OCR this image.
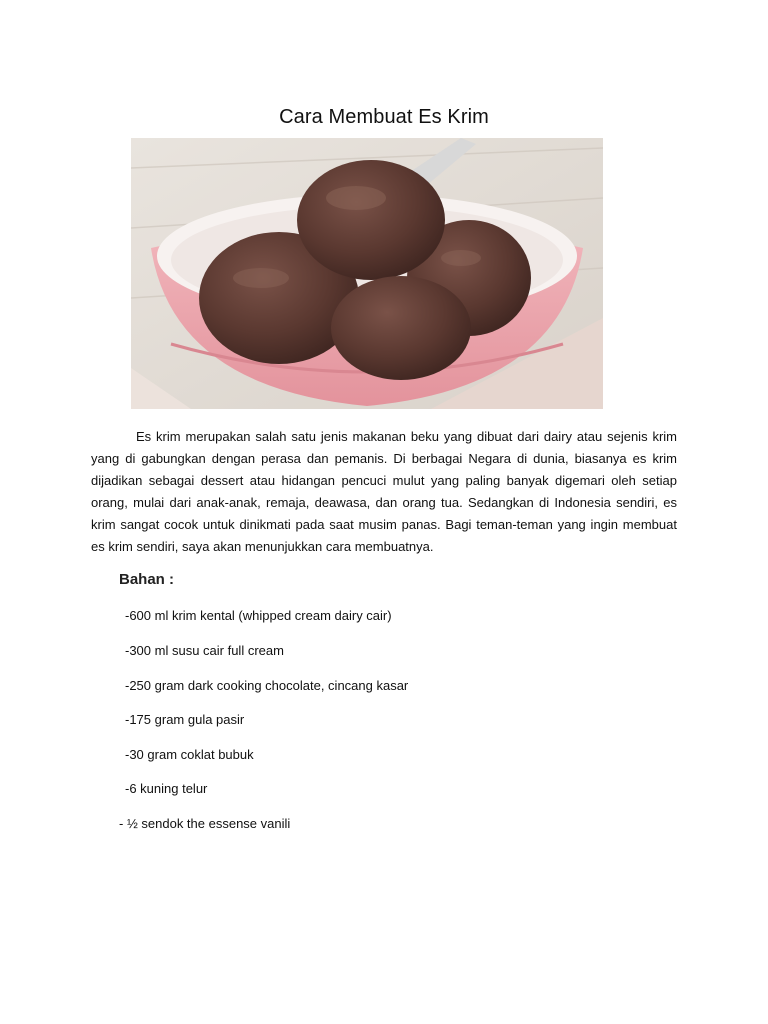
Cara Membuat Es Krim

Es krim merupakan salah satu jenis makanan beku yang dibuat dari dairy atau sejenis krim yang di gabungkan dengan perasa dan pemanis. Di berbagai Negara di dunia, biasanya es krim dijadikan sebagai dessert atau hidangan pencuci mulut yang paling banyak digemari oleh setiap orang, mulai dari anak-anak, remaja, deawasa, dan orang tua. Sedangkan di Indonesia sendiri, es krim sangat cocok untuk dinikmati pada saat musim panas. Bagi teman-teman yang ingin membuat es krim sendiri, saya akan menunjukkan cara membuatnya.

Bahan :
-600 ml krim kental (whipped cream dairy cair)
-300 ml susu cair full cream
-250 gram dark cooking chocolate, cincang kasar
-175 gram gula pasir
-30 gram coklat bubuk
-6 kuning telur
- ½ sendok the essense vanili
